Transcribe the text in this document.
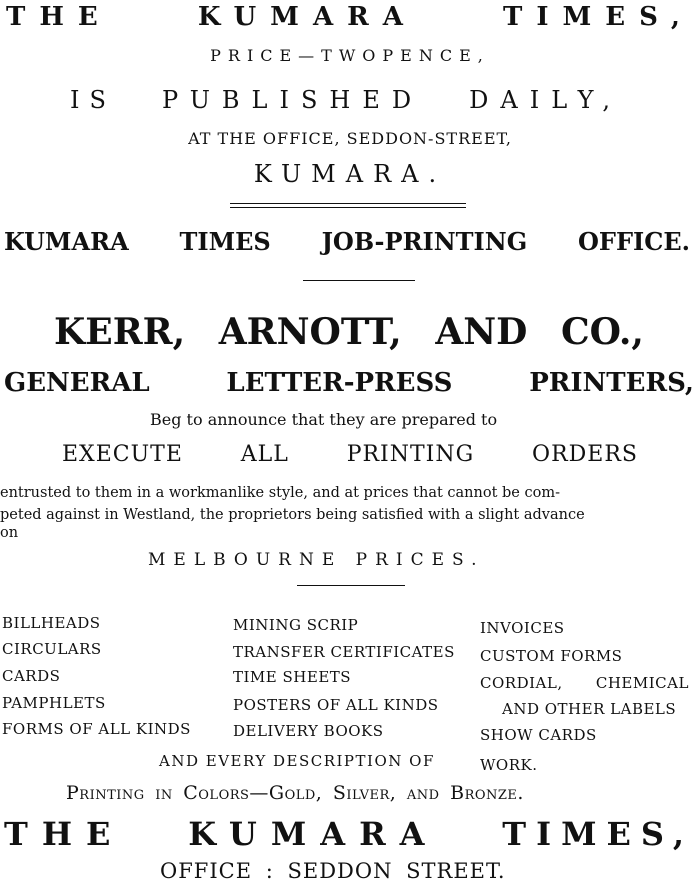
THE	KUMARA	TIMES,
PRICE—TWOPENCE,
IS PUBLISHED DAILY,
AT THE OFFICE, SEDDON-STREET,
KUMARA.
KUMARA TIMES JOB-PRINTING OFFICE.
KERR, ARNOTT, AND CO.,
GENERAL	LETTER-PRESS	PRINTERS,
Beg to announce that they are prepared to
EXECUTE	ALL	PRINTING	ORDERS
entrusted to them in a workmanlike style, and at prices that cannot be com-
peted against in Westland, the proprietors being satisfied with a slight advance
on
MELBOURNE PRICES.
BILLHEADS
CIRCULARS
CARDS
PAMPHLETS
FORMS OF ALL KINDS
MINING SCRIP
TRANSFER CERTIFICATES
TIME SHEETS
POSTERS OF ALL KINDS
DELIVERY BOOKS
INVOICES
CUSTOM FORMS
CORDIAL, CHEMICAL
AND OTHER LABELS
SHOW CARDS
AND EVERY DESCRIPTION OF	WORK.
Printing in Colors—Gold, Silver, and Bronze.
THE KUMARA TIMES,
OFFICE : SEDDON STREET.
